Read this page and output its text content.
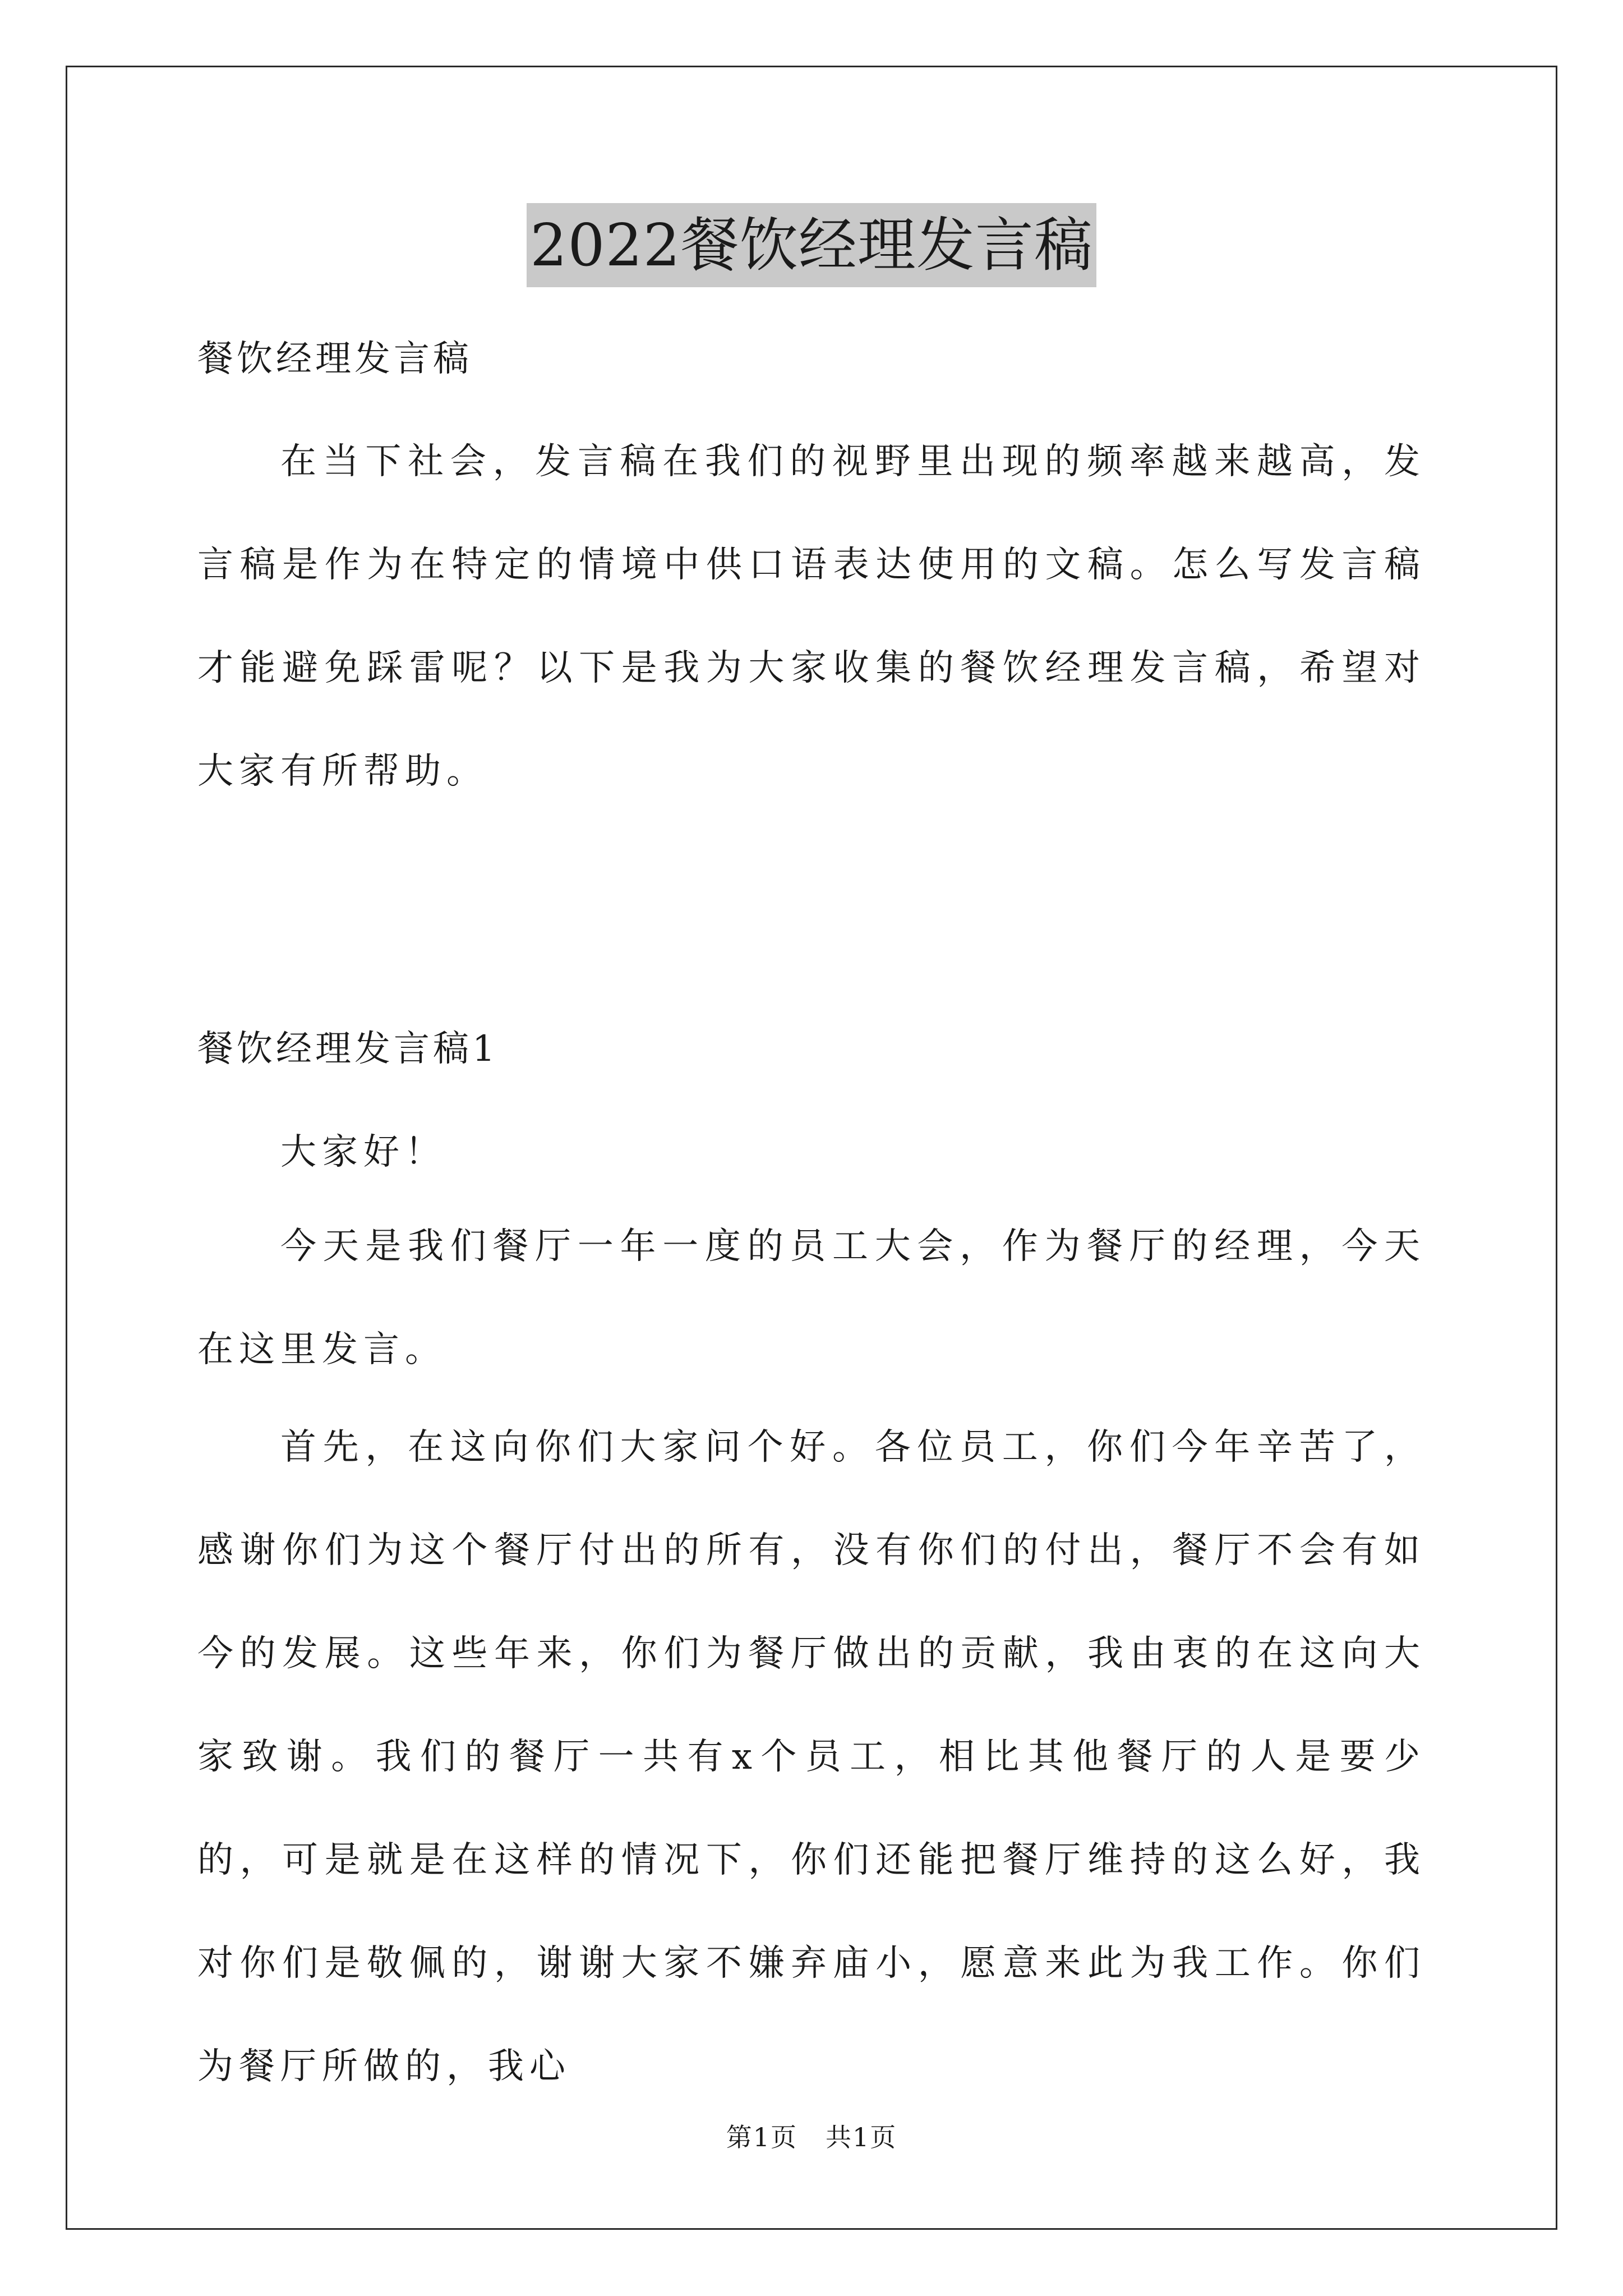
2022餐饮经理发言稿

餐饮经理发言稿

在当下社会，发言稿在我们的视野里出现的频率越来越高，发言稿是作为在特定的情境中供口语表达使用的文稿。怎么写发言稿才能避免踩雷呢？以下是我为大家收集的餐饮经理发言稿，希望对大家有所帮助。

餐饮经理发言稿1

大家好！

今天是我们餐厅一年一度的员工大会，作为餐厅的经理，今天在这里发言。

首先，在这向你们大家问个好。各位员工，你们今年辛苦了，感谢你们为这个餐厅付出的所有，没有你们的付出，餐厅不会有如今的发展。这些年来，你们为餐厅做出的贡献，我由衷的在这向大家致谢。我们的餐厅一共有x个员工，相比其他餐厅的人是要少的，可是就是在这样的情况下，你们还能把餐厅维持的这么好，我对你们是敬佩的，谢谢大家不嫌弃庙小，愿意来此为我工作。你们为餐厅所做的，我心

第1页 共1页
